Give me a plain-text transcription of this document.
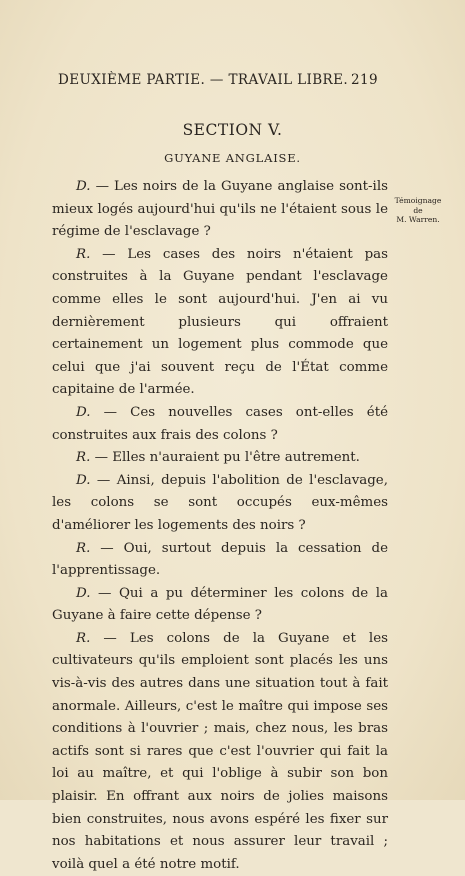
DEUXIÈME PARTIE. — TRAVAIL LIBRE. 219
SECTION V.
GUYANE ANGLAISE.
Témoignage
de
M. Warren.

D. — Les noirs de la Guyane anglaise sont-ils mieux logés aujourd'hui qu'ils ne l'étaient sous le régime de l'esclavage ?

R. — Les cases des noirs n'étaient pas construites à la Guyane pendant l'esclavage comme elles le sont aujourd'hui. J'en ai vu dernièrement plusieurs qui offraient certainement un logement plus commode que celui que j'ai souvent reçu de l'État comme capitaine de l'armée.

D. — Ces nouvelles cases ont-elles été construites aux frais des colons ?

R. — Elles n'auraient pu l'être autrement.

D. — Ainsi, depuis l'abolition de l'esclavage, les colons se sont occupés eux-mêmes d'améliorer les logements des noirs ?

R. — Oui, surtout depuis la cessation de l'apprentissage.

D. — Qui a pu déterminer les colons de la Guyane à faire cette dépense ?

R. — Les colons de la Guyane et les cultivateurs qu'ils emploient sont placés les uns vis-à-vis des autres dans une situation tout à fait anormale. Ailleurs, c'est le maître qui impose ses conditions à l'ouvrier ; mais, chez nous, les bras actifs sont si rares que c'est l'ouvrier qui fait la loi au maître, et qui l'oblige à subir son bon plaisir. En offrant aux noirs de jolies maisons bien construites, nous avons espéré les fixer sur nos habitations et nous assurer leur travail ; voilà quel a été notre motif.
